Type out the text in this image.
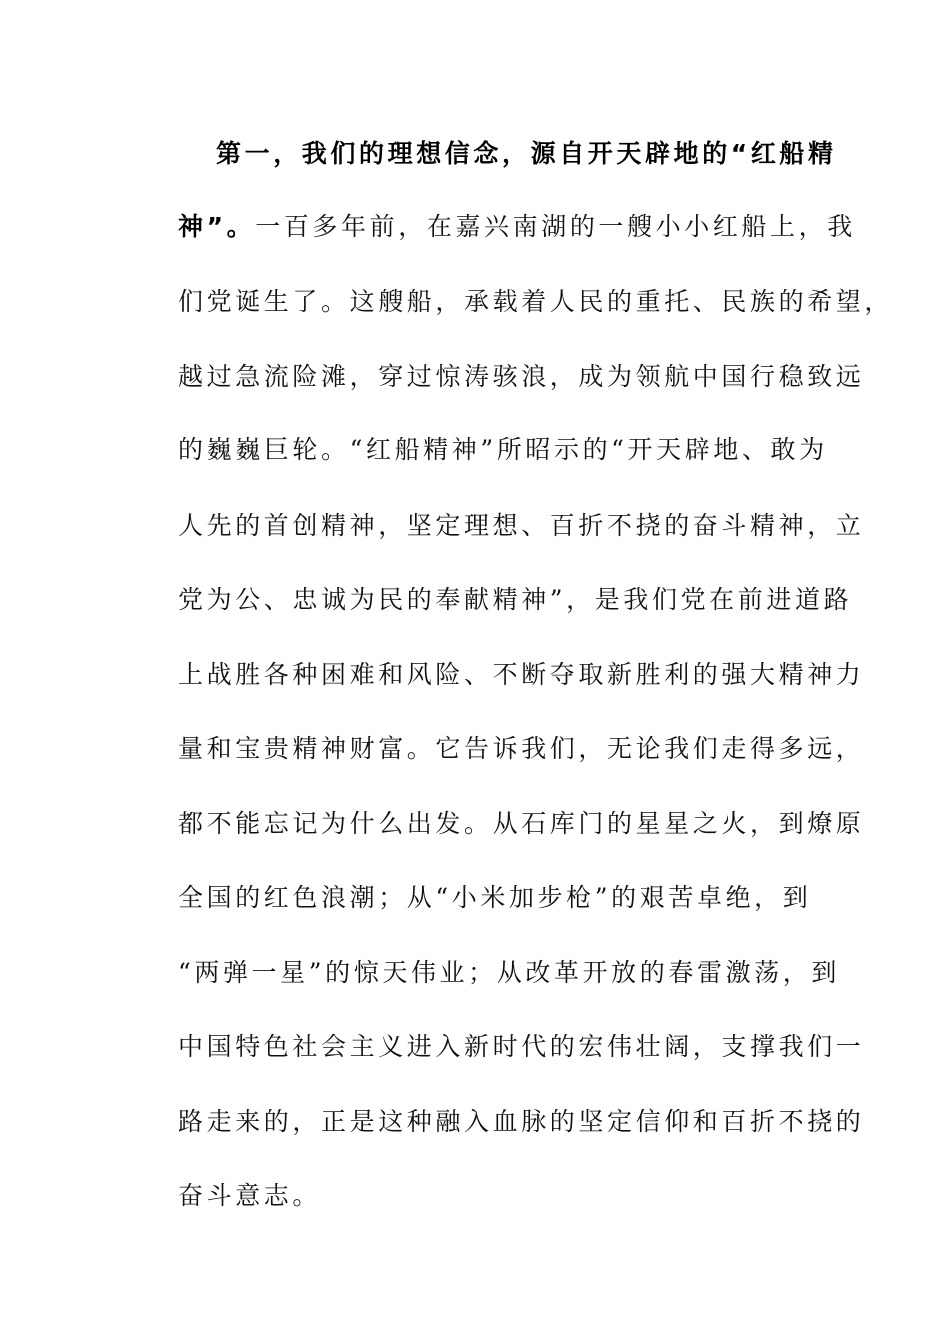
第一，我们的理想信念，源自开天辟地的“红船精
神”。一百多年前，在嘉兴南湖的一艘小小红船上，我
们党诞生了。这艘船，承载着人民的重托、民族的希望，
越过急流险滩，穿过惊涛骇浪，成为领航中国行稳致远
的巍巍巨轮。“红船精神”所昭示的“开天辟地、敢为
人先的首创精神，坚定理想、百折不挠的奋斗精神，立
党为公、忠诚为民的奉献精神”，是我们党在前进道路
上战胜各种困难和风险、不断夺取新胜利的强大精神力
量和宝贵精神财富。它告诉我们，无论我们走得多远，
都不能忘记为什么出发。从石库门的星星之火，到燎原
全国的红色浪潮；从“小米加步枪”的艰苦卓绝，到
“两弹一星”的惊天伟业；从改革开放的春雷激荡，到
中国特色社会主义进入新时代的宏伟壮阔，支撑我们一
路走来的，正是这种融入血脉的坚定信仰和百折不挠的
奋斗意志。
